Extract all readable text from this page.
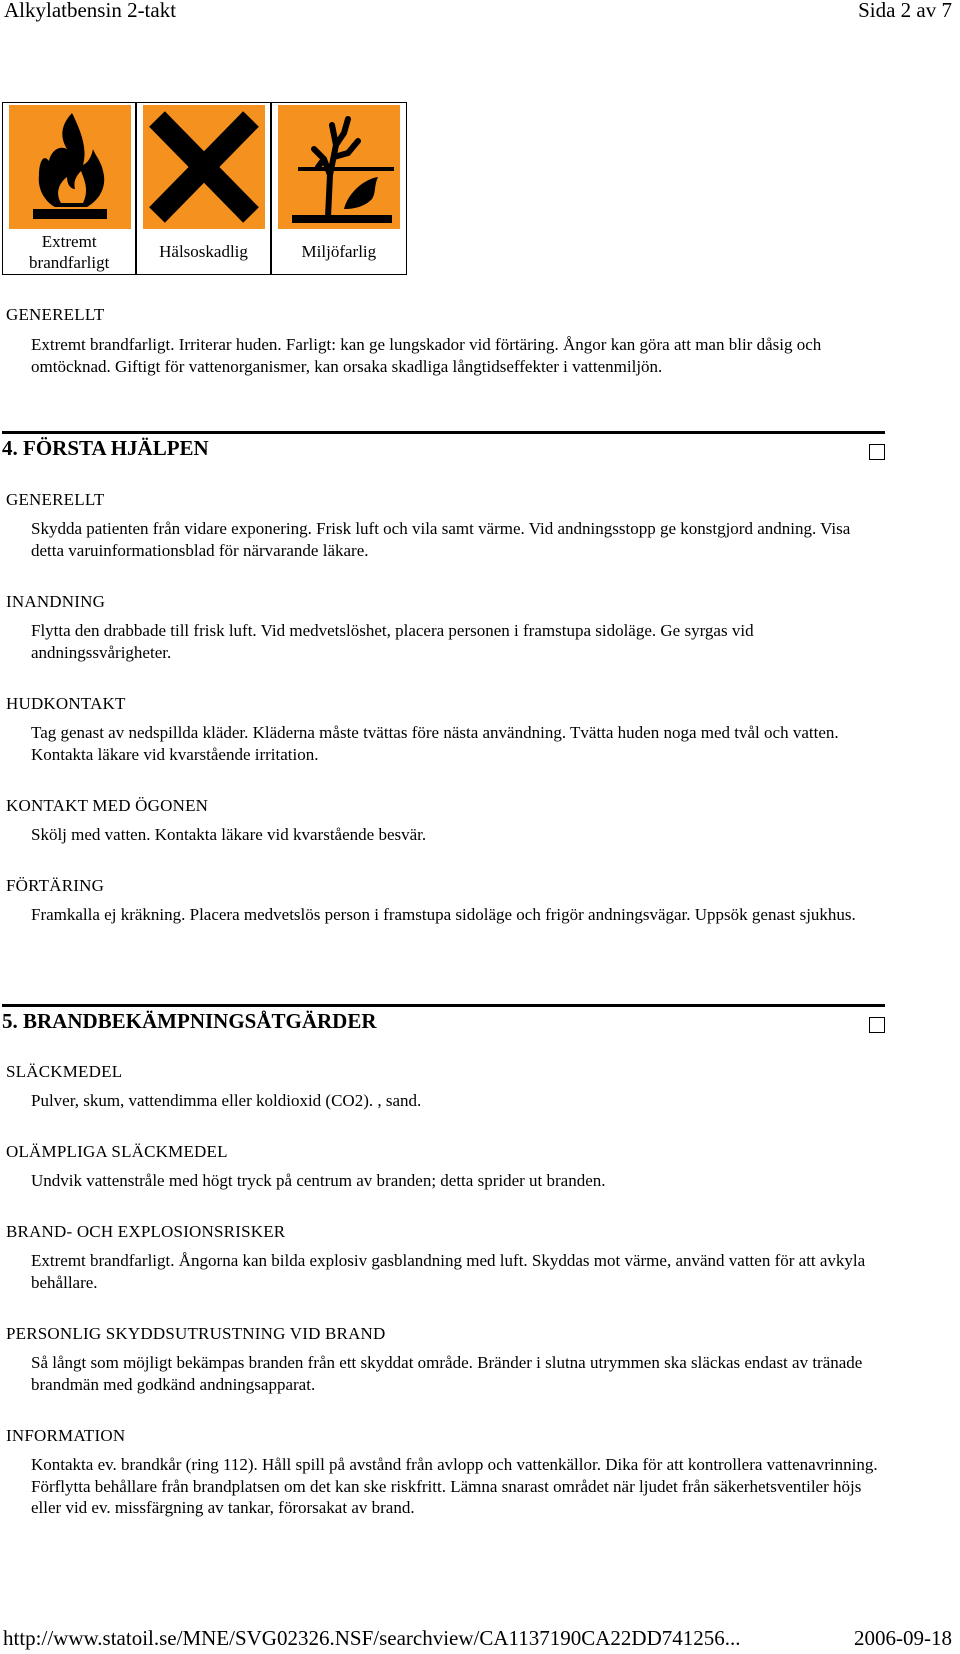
Alkylatbensin 2-takt	Sida 2 av 7
Extremt brandfarligt
Hälsoskadlig	Miljöfarlig
GENERELLT
Extremt brandfarligt. Irriterar huden. Farligt: kan ge lungskador vid förtäring. Ångor kan göra att man blir dåsig och omtöcknad. Giftigt för vattenorganismer, kan orsaka skadliga långtidseffekter i vattenmiljön.
4. FÖRSTA HJÄLPEN
GENERELLT
Skydda patienten från vidare exponering. Frisk luft och vila samt värme. Vid andningsstopp ge konstgjord andning. Visa detta varuinformationsblad för närvarande läkare.
INANDNING
Flytta den drabbade till frisk luft. Vid medvetslöshet, placera personen i framstupa sidoläge. Ge syrgas vid andningssvårigheter.
HUDKONTAKT
Tag genast av nedspillda kläder. Kläderna måste tvättas före nästa användning. Tvätta huden noga med tvål och vatten. Kontakta läkare vid kvarstående irritation.
KONTAKT MED ÖGONEN
Skölj med vatten. Kontakta läkare vid kvarstående besvär.
FÖRTÄRING
Framkalla ej kräkning. Placera medvetslös person i framstupa sidoläge och frigör andningsvägar. Uppsök genast sjukhus.
5. BRANDBEKÄMPNINGSÅTGÄRDER
SLÄCKMEDEL
Pulver, skum, vattendimma eller koldioxid (CO2). , sand.
OLÄMPLIGA SLÄCKMEDEL
Undvik vattenstråle med högt tryck på centrum av branden; detta sprider ut branden.
BRAND- OCH EXPLOSIONSRISKER
Extremt brandfarligt. Ångorna kan bilda explosiv gasblandning med luft. Skyddas mot värme, använd vatten för att avkyla behållare.
PERSONLIG SKYDDSUTRUSTNING VID BRAND
Så långt som möjligt bekämpas branden från ett skyddat område. Bränder i slutna utrymmen ska släckas endast av tränade brandmän med godkänd andningsapparat.
INFORMATION
Kontakta ev. brandkår (ring 112). Håll spill på avstånd från avlopp och vattenkällor. Dika för att kontrollera vattenavrinning. Förflytta behållare från brandplatsen om det kan ske riskfritt. Lämna snarast området när ljudet från säkerhetsventiler höjs eller vid ev. missfärgning av tankar, förorsakat av brand.
http://www.statoil.se/MNE/SVG02326.NSF/searchview/CA1137190CA22DD741256...	2006-09-18
